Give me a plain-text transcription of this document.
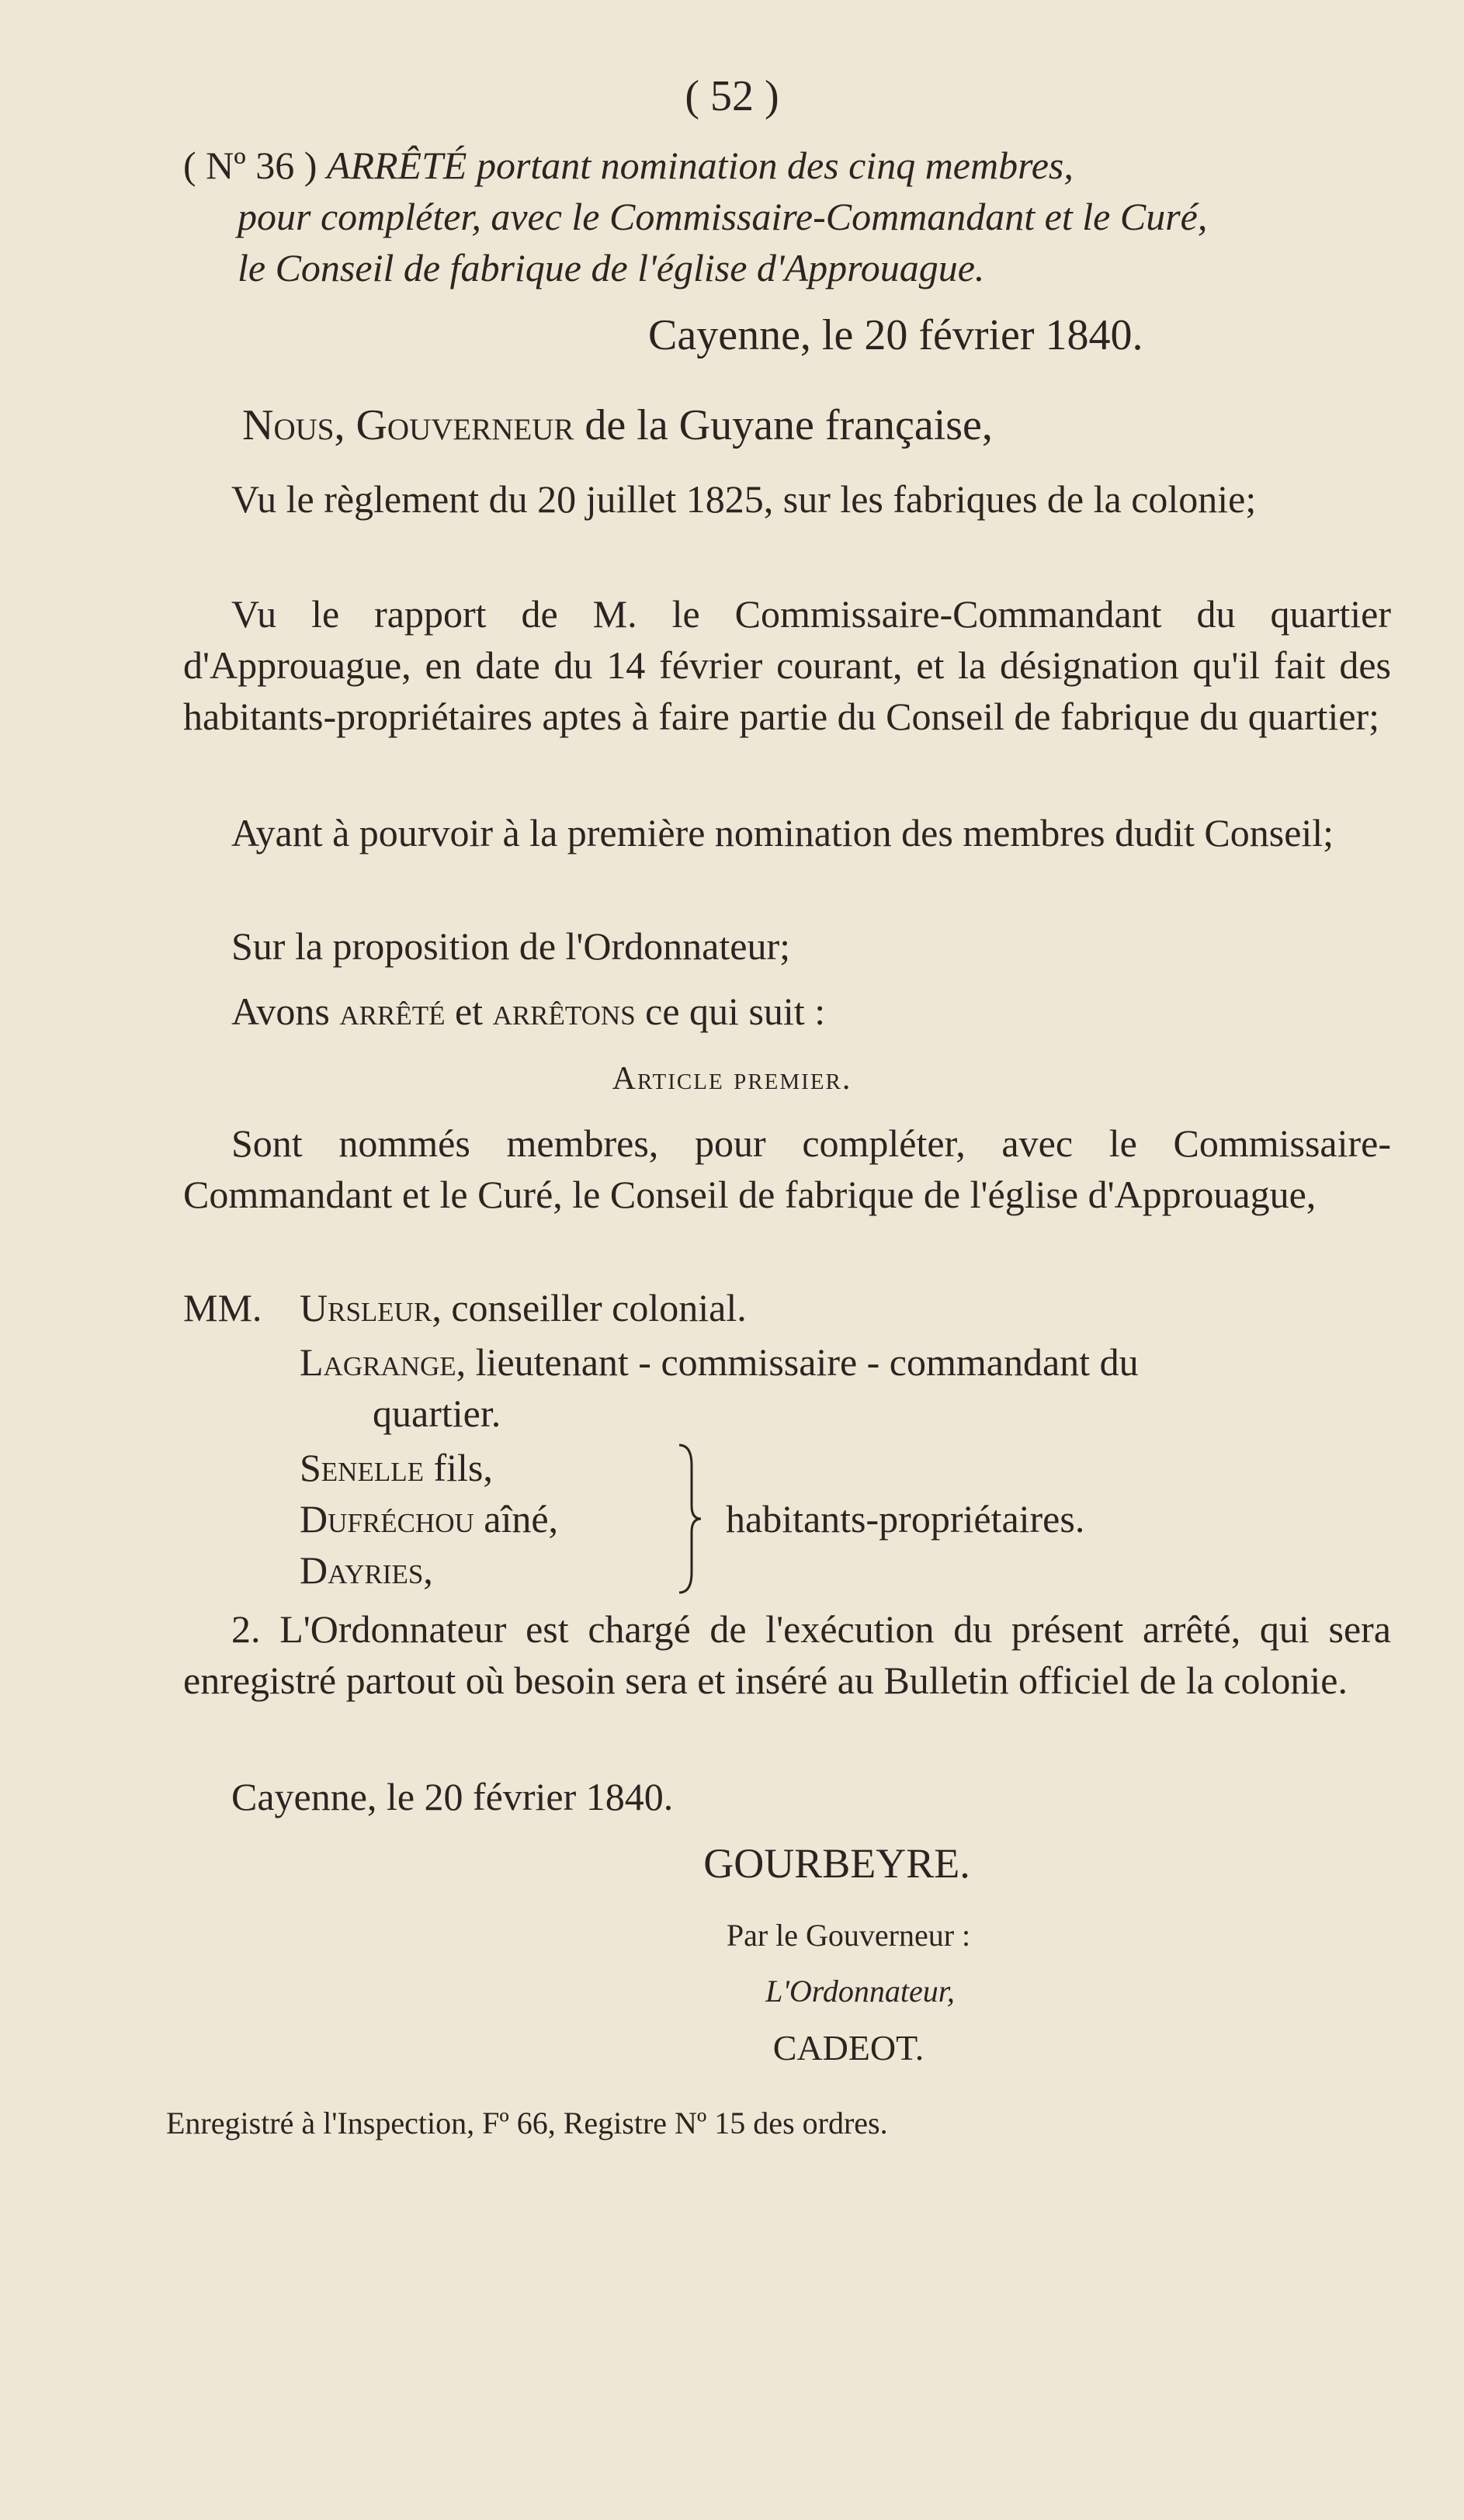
( 52 )
( Nº 36 ) ARRÊTÉ portant nomination des cinq membres,
pour compléter, avec le Commissaire-Commandant et le Curé,
le Conseil de fabrique de l'église d'Approuague.
Cayenne, le 20 février 1840.
Nous, Gouverneur de la Guyane française,
Vu le règlement du 20 juillet 1825, sur les fabriques de la colonie;
Vu le rapport de M. le Commissaire-Commandant du quartier d'Approuague, en date du 14 février courant, et la désignation qu'il fait des habitants-propriétaires aptes à faire partie du Conseil de fabrique du quartier;
Ayant à pourvoir à la première nomination des membres dudit Conseil;
Sur la proposition de l'Ordonnateur;
Avons arrêté et arrêtons ce qui suit :
Article premier.
Sont nommés membres, pour compléter, avec le Commissaire-Commandant et le Curé, le Conseil de fabrique de l'église d'Approuague,
MM. Ursleur, conseiller colonial.
Lagrange, lieutenant - commissaire - commandant du
quartier.
Senelle fils,
Dufréchou aîné,
Dayries,
habitants-propriétaires.
2. L'Ordonnateur est chargé de l'exécution du présent arrêté, qui sera enregistré partout où besoin sera et inséré au Bulletin officiel de la colonie.
Cayenne, le 20 février 1840.
GOURBEYRE.
Par le Gouverneur :
L'Ordonnateur,
CADEOT.
Enregistré à l'Inspection, Fº 66, Registre Nº 15 des ordres.
